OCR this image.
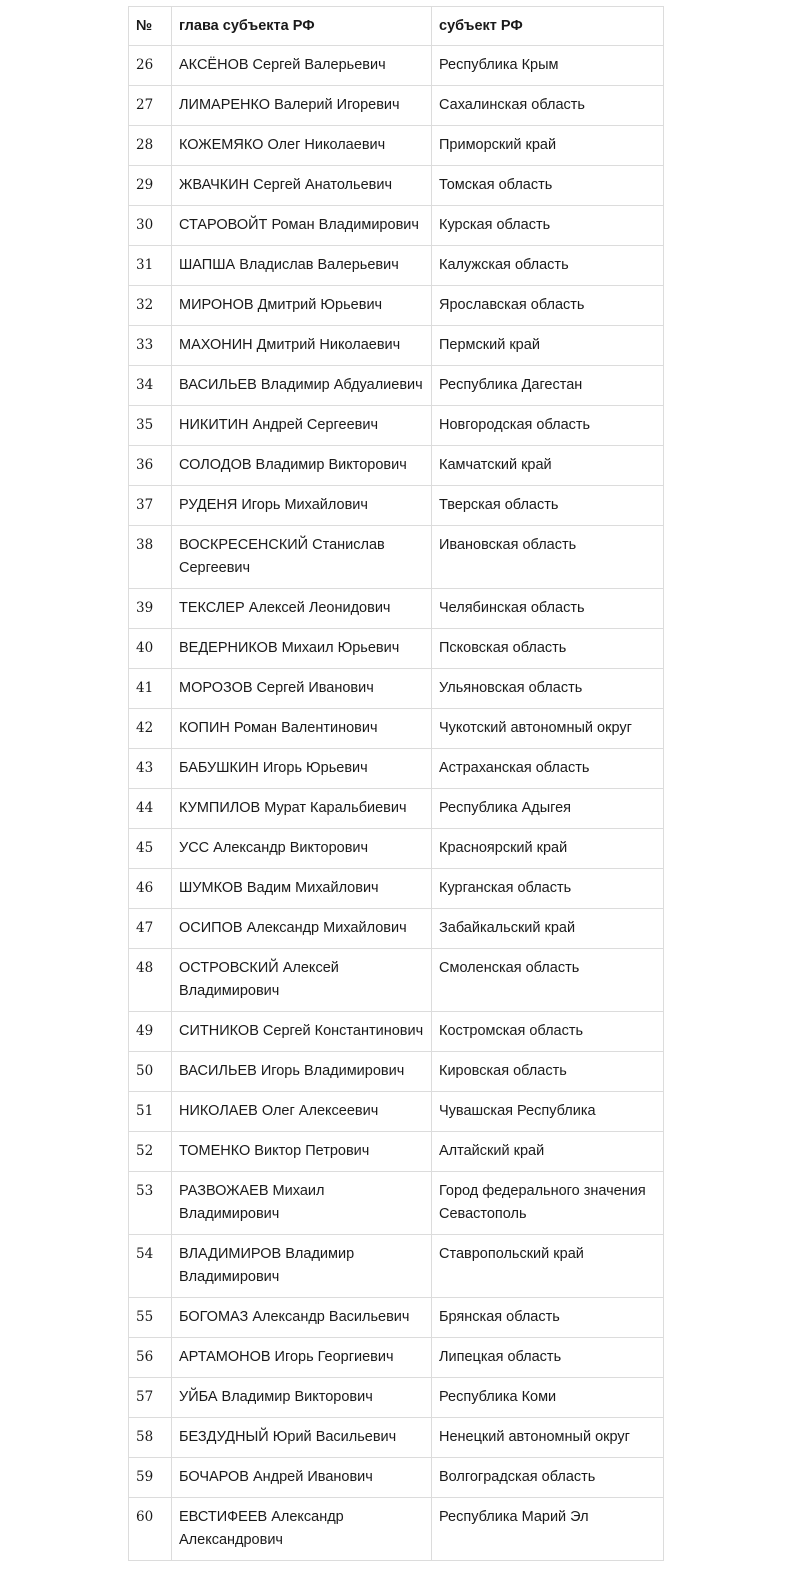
№	глава субъекта РФ	субъект РФ
26	АКСЁНОВ Сергей Валерьевич	Республика Крым
27	ЛИМАРЕНКО Валерий Игоревич	Сахалинская область
28	КОЖЕМЯКО Олег Николаевич	Приморский край
29	ЖВАЧКИН Сергей Анатольевич	Томская область
30	СТАРОВОЙТ Роман Владимирович	Курская область
31	ШАПША Владислав Валерьевич	Калужская область
32	МИРОНОВ Дмитрий Юрьевич	Ярославская область
33	МАХОНИН Дмитрий Николаевич	Пермский край
34	ВАСИЛЬЕВ Владимир Абдуалиевич	Республика Дагестан
35	НИКИТИН Андрей Сергеевич	Новгородская область
36	СОЛОДОВ Владимир Викторович	Камчатский край
37	РУДЕНЯ Игорь Михайлович	Тверская область
38	ВОСКРЕСЕНСКИЙ Станислав Сергеевич	Ивановская область
39	ТЕКСЛЕР Алексей Леонидович	Челябинская область
40	ВЕДЕРНИКОВ Михаил Юрьевич	Псковская область
41	МОРОЗОВ Сергей Иванович	Ульяновская область
42	КОПИН Роман Валентинович	Чукотский автономный округ
43	БАБУШКИН Игорь Юрьевич	Астраханская область
44	КУМПИЛОВ Мурат Каральбиевич	Республика Адыгея
45	УСС Александр Викторович	Красноярский край
46	ШУМКОВ Вадим Михайлович	Курганская область
47	ОСИПОВ Александр Михайлович	Забайкальский край
48	ОСТРОВСКИЙ Алексей Владимирович	Смоленская область
49	СИТНИКОВ Сергей Константинович	Костромская область
50	ВАСИЛЬЕВ Игорь Владимирович	Кировская область
51	НИКОЛАЕВ Олег Алексеевич	Чувашская Республика
52	ТОМЕНКО Виктор Петрович	Алтайский край
53	РАЗВОЖАЕВ Михаил Владимирович	Город федерального значения Севастополь
54	ВЛАДИМИРОВ Владимир Владимирович	Ставропольский край
55	БОГОМАЗ Александр Васильевич	Брянская область
56	АРТАМОНОВ Игорь Георгиевич	Липецкая область
57	УЙБА Владимир Викторович	Республика Коми
58	БЕЗДУДНЫЙ Юрий Васильевич	Ненецкий автономный округ
59	БОЧАРОВ Андрей Иванович	Волгоградская область
60	ЕВСТИФЕЕВ Александр Александрович	Республика Марий Эл
